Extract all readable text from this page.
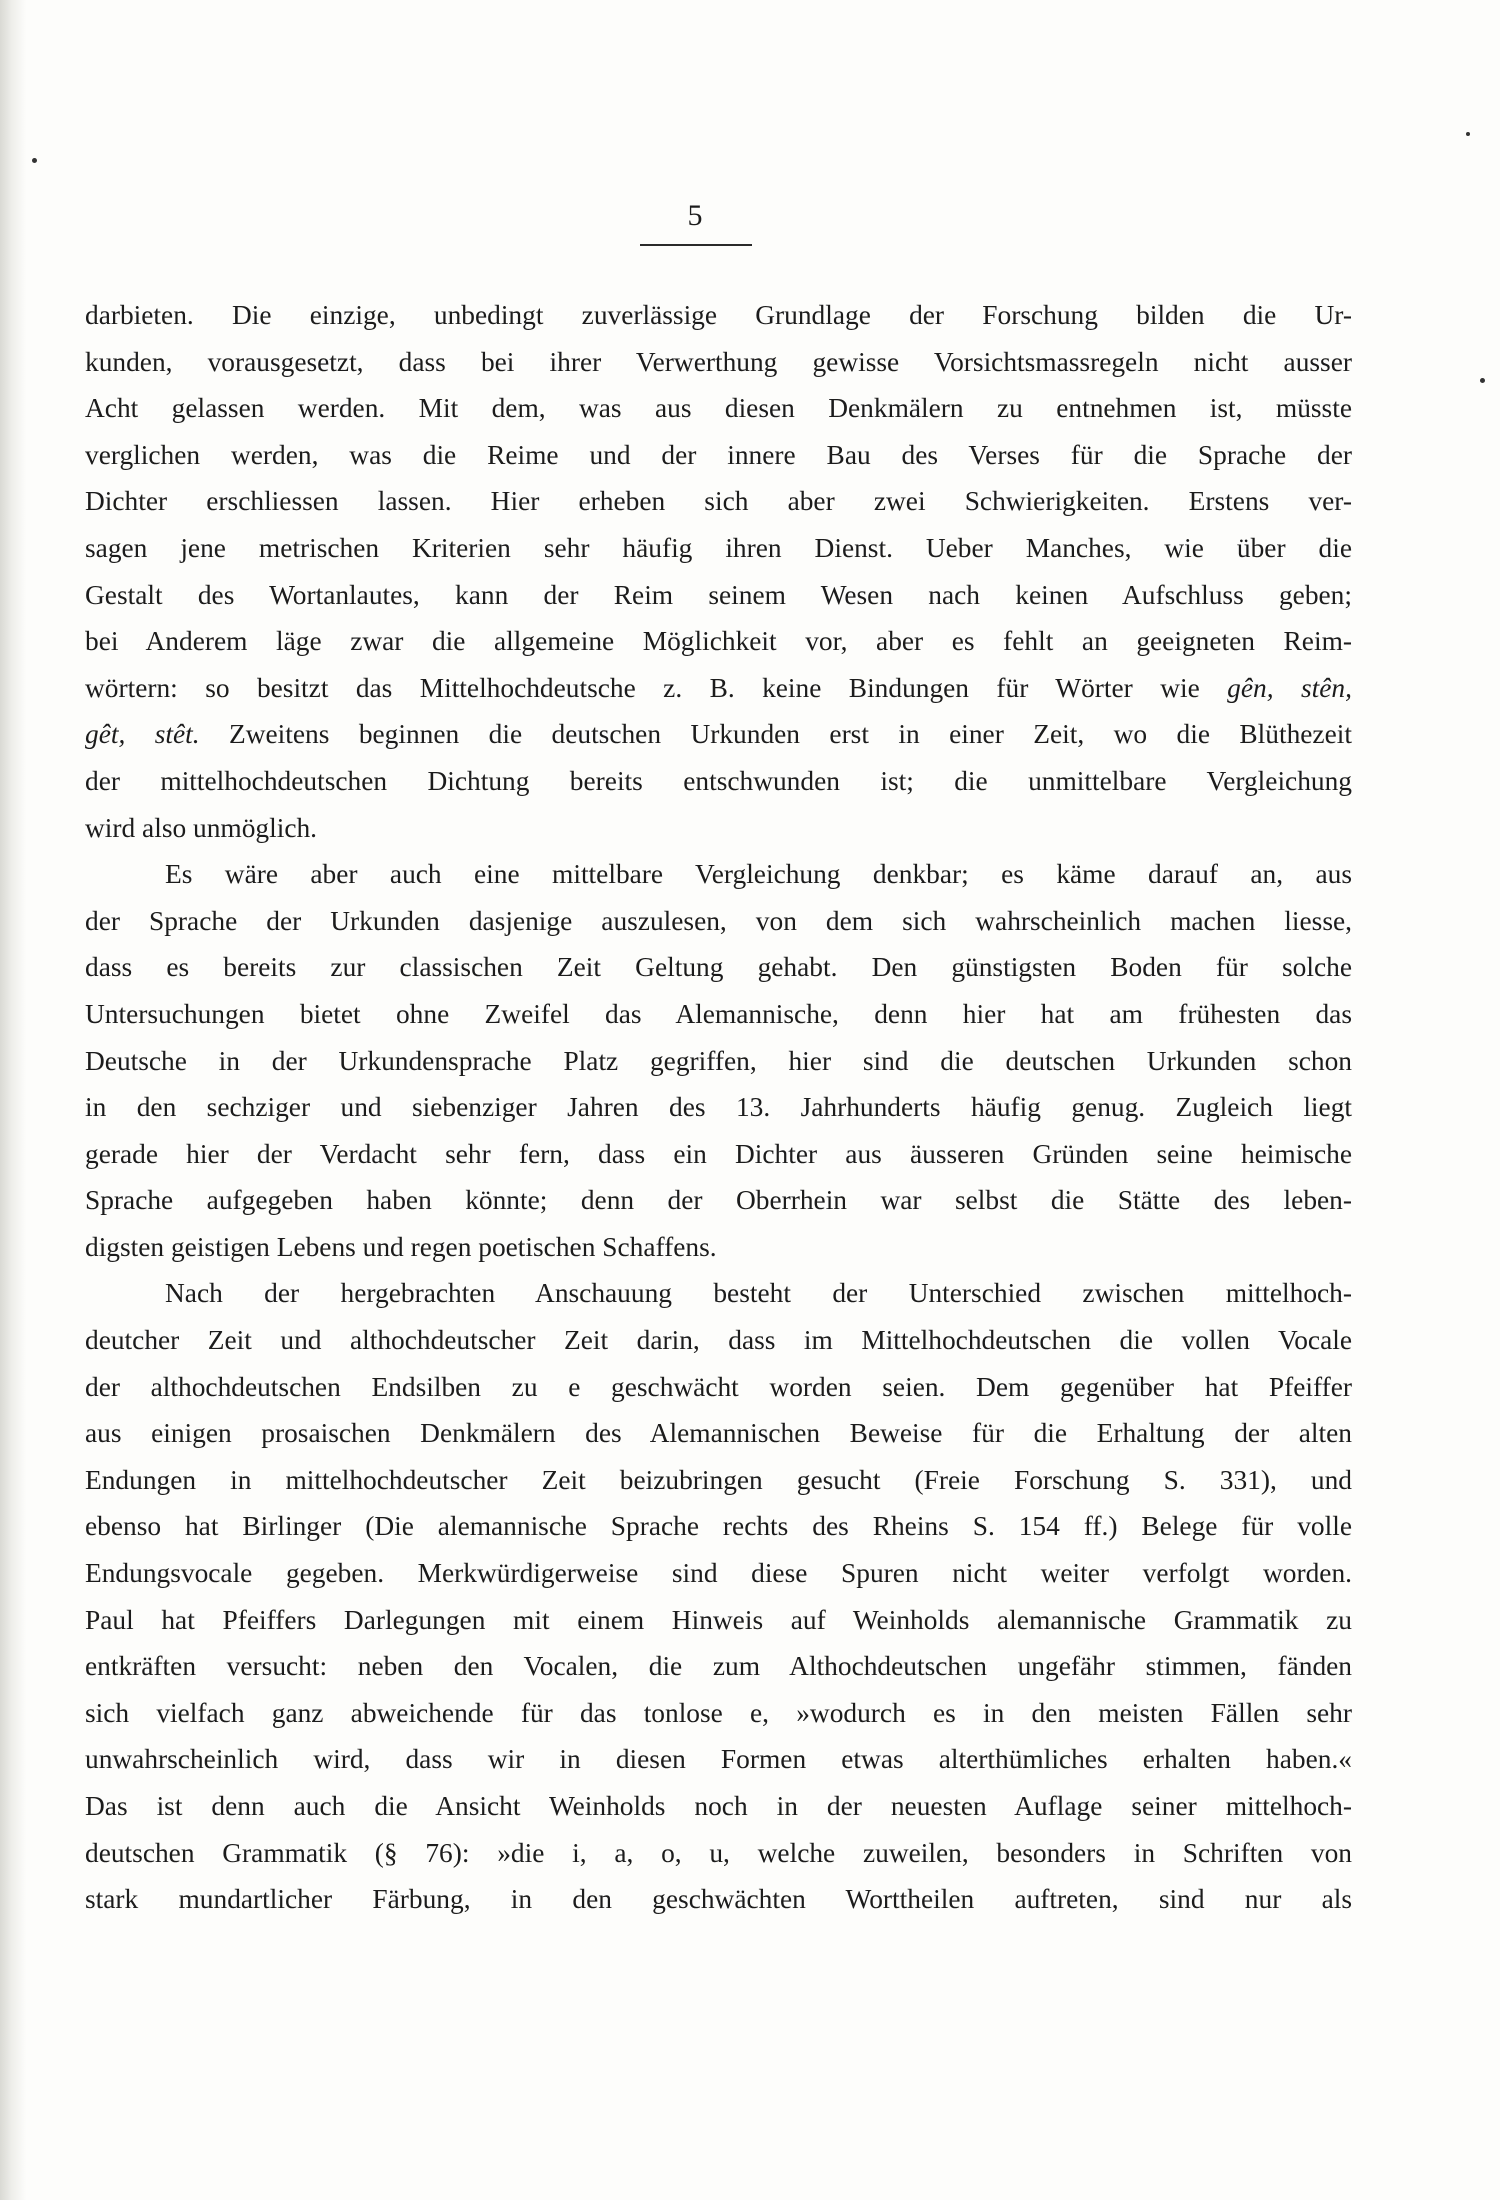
5
darbieten. Die einzige, unbedingt zuverlässige Grundlage der Forschung bilden die Ur-
kunden, vorausgesetzt, dass bei ihrer Verwerthung gewisse Vorsichtsmassregeln nicht ausser
Acht gelassen werden. Mit dem, was aus diesen Denkmälern zu entnehmen ist, müsste
verglichen werden, was die Reime und der innere Bau des Verses für die Sprache der
Dichter erschliessen lassen. Hier erheben sich aber zwei Schwierigkeiten. Erstens ver-
sagen jene metrischen Kriterien sehr häufig ihren Dienst. Ueber Manches, wie über die
Gestalt des Wortanlautes, kann der Reim seinem Wesen nach keinen Aufschluss geben;
bei Anderem läge zwar die allgemeine Möglichkeit vor, aber es fehlt an geeigneten Reim-
wörtern: so besitzt das Mittelhochdeutsche z. B. keine Bindungen für Wörter wie gên, stên,
gêt, stêt. Zweitens beginnen die deutschen Urkunden erst in einer Zeit, wo die Blüthezeit
der mittelhochdeutschen Dichtung bereits entschwunden ist; die unmittelbare Vergleichung
wird also unmöglich.
Es wäre aber auch eine mittelbare Vergleichung denkbar; es käme darauf an, aus
der Sprache der Urkunden dasjenige auszulesen, von dem sich wahrscheinlich machen liesse,
dass es bereits zur classischen Zeit Geltung gehabt. Den günstigsten Boden für solche
Untersuchungen bietet ohne Zweifel das Alemannische, denn hier hat am frühesten das
Deutsche in der Urkundensprache Platz gegriffen, hier sind die deutschen Urkunden schon
in den sechziger und siebenziger Jahren des 13. Jahrhunderts häufig genug. Zugleich liegt
gerade hier der Verdacht sehr fern, dass ein Dichter aus äusseren Gründen seine heimische
Sprache aufgegeben haben könnte; denn der Oberrhein war selbst die Stätte des leben-
digsten geistigen Lebens und regen poetischen Schaffens.
Nach der hergebrachten Anschauung besteht der Unterschied zwischen mittelhoch-
deutcher Zeit und althochdeutscher Zeit darin, dass im Mittelhochdeutschen die vollen Vocale
der althochdeutschen Endsilben zu e geschwächt worden seien. Dem gegenüber hat Pfeiffer
aus einigen prosaischen Denkmälern des Alemannischen Beweise für die Erhaltung der alten
Endungen in mittelhochdeutscher Zeit beizubringen gesucht (Freie Forschung S. 331), und
ebenso hat Birlinger (Die alemannische Sprache rechts des Rheins S. 154 ff.) Belege für volle
Endungsvocale gegeben. Merkwürdigerweise sind diese Spuren nicht weiter verfolgt worden.
Paul hat Pfeiffers Darlegungen mit einem Hinweis auf Weinholds alemannische Grammatik zu
entkräften versucht: neben den Vocalen, die zum Althochdeutschen ungefähr stimmen, fänden
sich vielfach ganz abweichende für das tonlose e, »wodurch es in den meisten Fällen sehr
unwahrscheinlich wird, dass wir in diesen Formen etwas alterthümliches erhalten haben.«
Das ist denn auch die Ansicht Weinholds noch in der neuesten Auflage seiner mittelhoch-
deutschen Grammatik (§ 76): »die i, a, o, u, welche zuweilen, besonders in Schriften von
stark mundartlicher Färbung, in den geschwächten Worttheilen auftreten, sind nur als
